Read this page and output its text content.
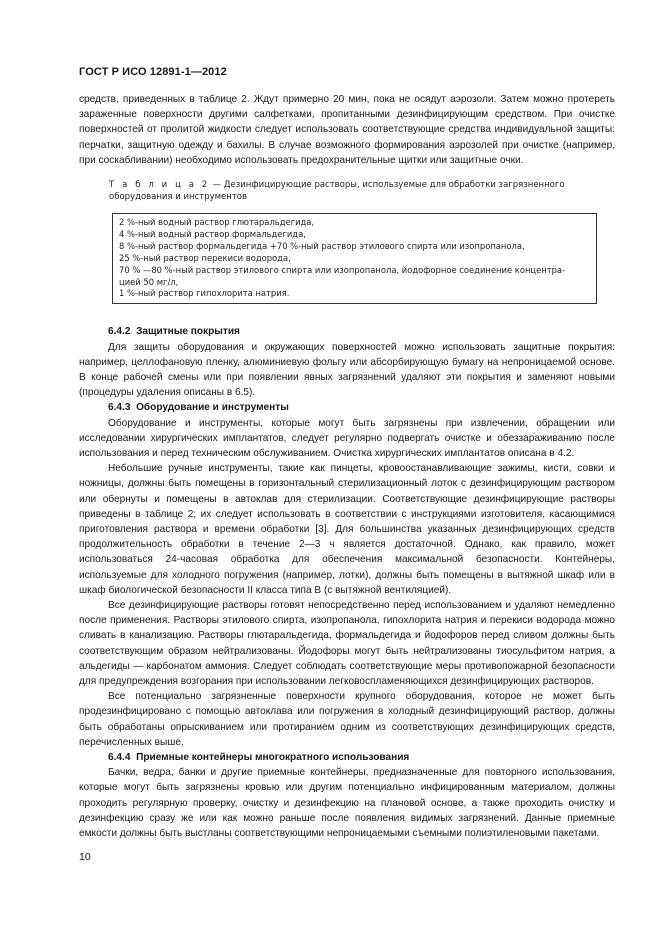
ГОСТ Р ИСО 12891-1—2012

средств, приведенных в таблице 2. Ждут примерно 20 мин, пока не осядут аэрозоли. Затем можно протереть зараженные поверхности другими салфетками, пропитанными дезинфицирующим средством. При очистке поверхностей от пролитой жидкости следует использовать соответствующие средства индивидуальной защиты: перчатки, защитную одежду и бахилы. В случае возможного формирования аэрозолей при очистке (например, при соскабливании) необходимо использовать предохранительные щитки или защитные очки.

Т а б л и ц а 2 — Дезинфицирующие растворы, используемые для обработки загрязненного оборудования и инструментов
2 %-ный водный раствор глютаральдегида,
4 %-ный водный раствор формальдегида,
8 %-ный раствор формальдегида +70 %-ный раствор этилового спирта или изопропанола,
25 %-ный раствор перекиси водорода,
70 % —80 %-ный раствор этилового спирта или изопропанола, йодофорное соединение концентра-
цией 50 мг/л,
1 %-ный раствор гипохлорита натрия.

6.4.2 Защитные покрытия

Для защиты оборудования и окружающих поверхностей можно использовать защитные покрытия: например, целлофановую пленку, алюминиевую фольгу или абсорбирующую бумагу на непроницаемой основе. В конце рабочей смены или при появлении явных загрязнений удаляют эти покрытия и заменяют новыми (процедуры удаления описаны в 6.5).

6.4.3 Оборудование и инструменты

Оборудование и инструменты, которые могут быть загрязнены при извлечении, обращении или исследовании хирургических имплантатов, следует регулярно подвергать очистке и обеззараживанию после использования и перед техническим обслуживанием. Очистка хирургических имплантатов описана в 4.2.

Небольшие ручные инструменты, такие как пинцеты, кровоостанавливающие зажимы, кисти, совки и ножницы, должны быть помещены в горизонтальный стерилизационный лоток с дезинфицирующим раствором или обернуты и помещены в автоклав для стерилизации. Соответствующие дезинфицирующие растворы приведены в таблице 2; их следует использовать в соответствии с инструкциями изготовителя, касающимися приготовления раствора и времени обработки [3]. Для большинства указанных дезинфицирующих средств продолжительность обработки в течение 2—3 ч является достаточной. Однако, как правило, может использоваться 24-часовая обработка для обеспечения максимальной безопасности. Контейнеры, используемые для холодного погружения (например, лотки), должны быть помещены в вытяжной шкаф или в шкаф биологической безопасности II класса типа B (с вытяжной вентиляцией).

Все дезинфицирующие растворы готовят непосредственно перед использованием и удаляют немедленно после применения. Растворы этилового спирта, изопропанола, гипохлорита натрия и перекиси водорода можно сливать в канализацию. Растворы глютаральдегида, формальдегида и йодофоров перед сливом должны быть соответствующим образом нейтрализованы. Йодофоры могут быть нейтрализованы тиосульфитом натрия, а альдегиды — карбонатом аммония. Следует соблюдать соответствующие меры противопожарной безопасности для предупреждения возгорания при использовании легковоспламеняющихся дезинфицирующих растворов.

Все потенциально загрязненные поверхности крупного оборудования, которое не может быть продезинфицировано с помощью автоклава или погружения в холодный дезинфицирующий раствор, должны быть обработаны опрыскиванием или протиранием одним из соответствующих дезинфицирующих средств, перечисленных выше.

6.4.4 Приемные контейнеры многократного использования

Бачки, ведра, банки и другие приемные контейнеры, предназначенные для повторного использования, которые могут быть загрязнены кровью или другим потенциально инфицированным материалом, должны проходить регулярную проверку, очистку и дезинфекцию на плановой основе, а также проходить очистку и дезинфекцию сразу же или как можно раньше после появления видимых загрязнений. Данные приемные емкости должны быть выстланы соответствующими непроницаемыми съемными полиэтиленовыми пакетами.

10
